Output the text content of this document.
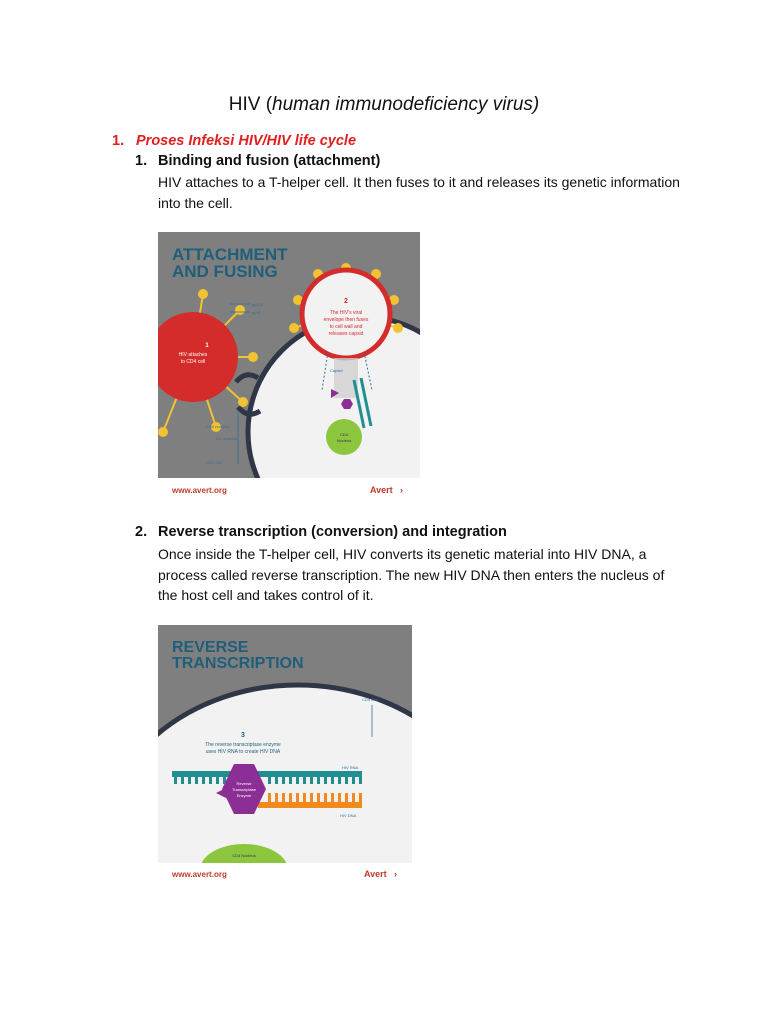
HIV (human immunodeficiency virus)
1. Proses Infeksi HIV/HIV life cycle
1. Binding and fusion (attachment)
HIV attaches to a T-helper cell. It then fuses to it and releases its genetic information
into the cell.
ATTACHMENT
AND FUSING
1
HIV attaches
to CD4 cell
2
The HIV's viral
envelope then fuses
to cell wall and
releases capsid
gp120
gp41
Capsid
CD4 receptor
Co-receptor
CD4 Cell
CD4
Nucleus
www.avert.org	Avert ›
2. Reverse transcription (conversion) and integration
Once inside the T-helper cell, HIV converts its genetic material into HIV DNA, a
process called reverse transcription. The new HIV DNA then enters the nucleus of
the host cell and takes control of it.
REVERSE
TRANSCRIPTION
CD4 Cell
3
The reverse transcriptase enzyme
uses HIV RNA to create HIV DNA
Reverse
Transcriptase
Enzyme
HIV RNA
HIV DNA
CD4 Nucleus
www.avert.org	Avert ›
